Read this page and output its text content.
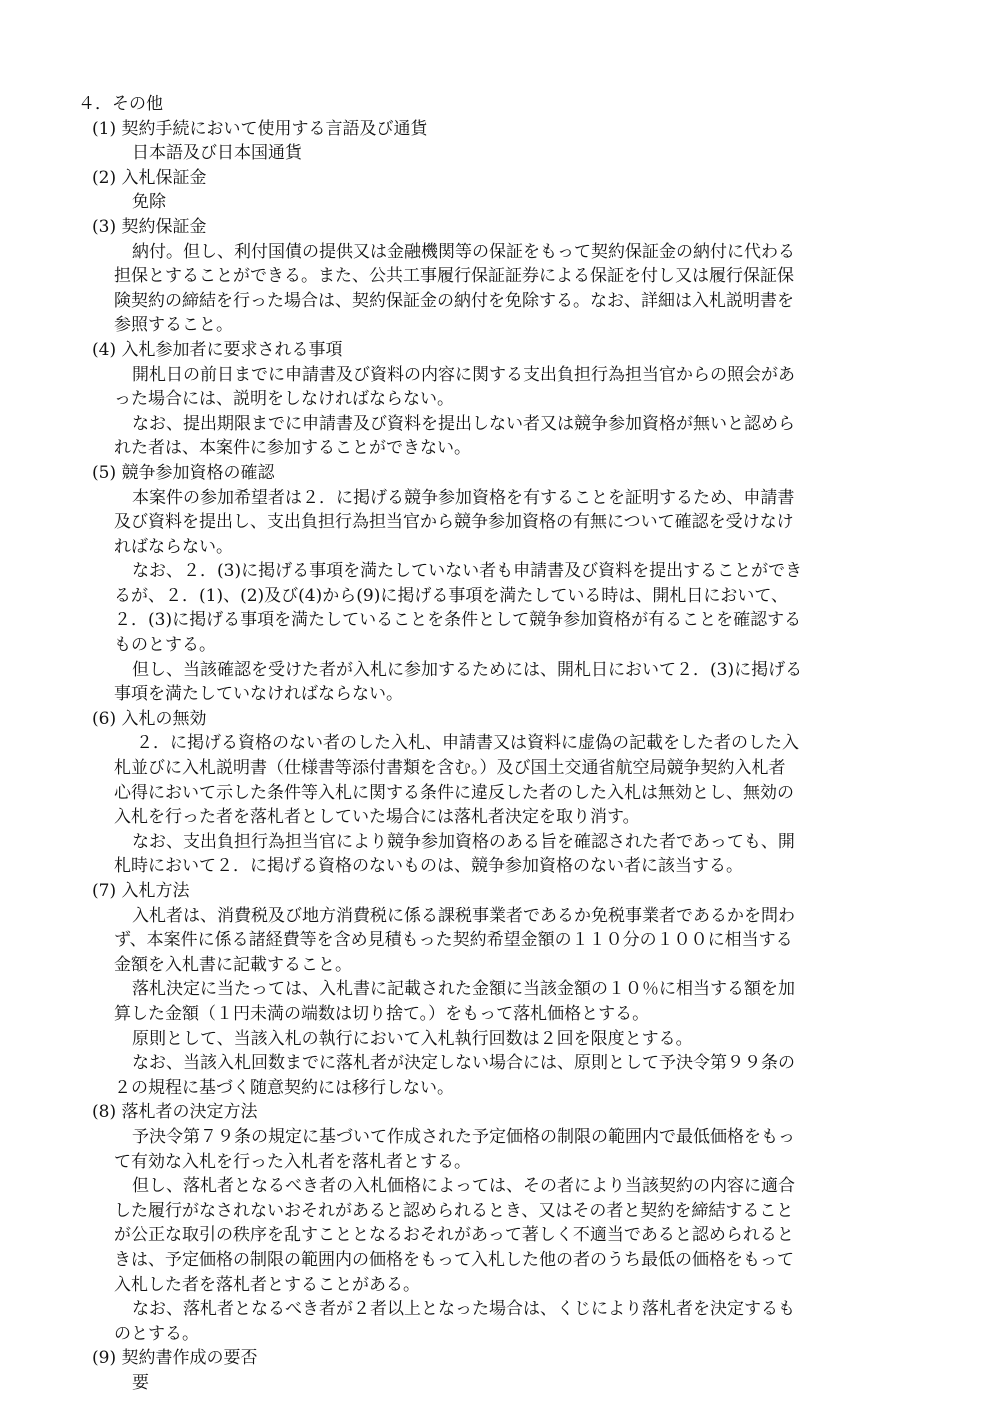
４．その他
(1) 契約手続において使用する言語及び通貨
日本語及び日本国通貨
(2) 入札保証金
免除
(3) 契約保証金
納付。但し、利付国債の提供又は金融機関等の保証をもって契約保証金の納付に代わる
担保とすることができる。また、公共工事履行保証証券による保証を付し又は履行保証保
険契約の締結を行った場合は、契約保証金の納付を免除する。なお、詳細は入札説明書を
参照すること。
(4) 入札参加者に要求される事項
開札日の前日までに申請書及び資料の内容に関する支出負担行為担当官からの照会があ
った場合には、説明をしなければならない。
なお、提出期限までに申請書及び資料を提出しない者又は競争参加資格が無いと認めら
れた者は、本案件に参加することができない。
(5) 競争参加資格の確認
本案件の参加希望者は２．に掲げる競争参加資格を有することを証明するため、申請書
及び資料を提出し、支出負担行為担当官から競争参加資格の有無について確認を受けなけ
ればならない。
なお、２．(3)に掲げる事項を満たしていない者も申請書及び資料を提出することができ
るが、２．(1)、(2)及び(4)から(9)に掲げる事項を満たしている時は、開札日において、
２．(3)に掲げる事項を満たしていることを条件として競争参加資格が有ることを確認する
ものとする。
但し、当該確認を受けた者が入札に参加するためには、開札日において２．(3)に掲げる
事項を満たしていなければならない。
(6) 入札の無効
２．に掲げる資格のない者のした入札、申請書又は資料に虚偽の記載をした者のした入
札並びに入札説明書（仕様書等添付書類を含む。）及び国土交通省航空局競争契約入札者
心得において示した条件等入札に関する条件に違反した者のした入札は無効とし、無効の
入札を行った者を落札者としていた場合には落札者決定を取り消す。
なお、支出負担行為担当官により競争参加資格のある旨を確認された者であっても、開
札時において２．に掲げる資格のないものは、競争参加資格のない者に該当する。
(7) 入札方法
入札者は、消費税及び地方消費税に係る課税事業者であるか免税事業者であるかを問わ
ず、本案件に係る諸経費等を含め見積もった契約希望金額の１１０分の１００に相当する
金額を入札書に記載すること。
落札決定に当たっては、入札書に記載された金額に当該金額の１０％に相当する額を加
算した金額（１円未満の端数は切り捨て。）をもって落札価格とする。
原則として、当該入札の執行において入札執行回数は２回を限度とする。
なお、当該入札回数までに落札者が決定しない場合には、原則として予決令第９９条の
２の規程に基づく随意契約には移行しない。
(8) 落札者の決定方法
予決令第７９条の規定に基づいて作成された予定価格の制限の範囲内で最低価格をもっ
て有効な入札を行った入札者を落札者とする。
但し、落札者となるべき者の入札価格によっては、その者により当該契約の内容に適合
した履行がなされないおそれがあると認められるとき、又はその者と契約を締結すること
が公正な取引の秩序を乱すこととなるおそれがあって著しく不適当であると認められると
きは、予定価格の制限の範囲内の価格をもって入札した他の者のうち最低の価格をもって
入札した者を落札者とすることがある。
なお、落札者となるべき者が２者以上となった場合は、くじにより落札者を決定するも
のとする。
(9) 契約書作成の要否
要
